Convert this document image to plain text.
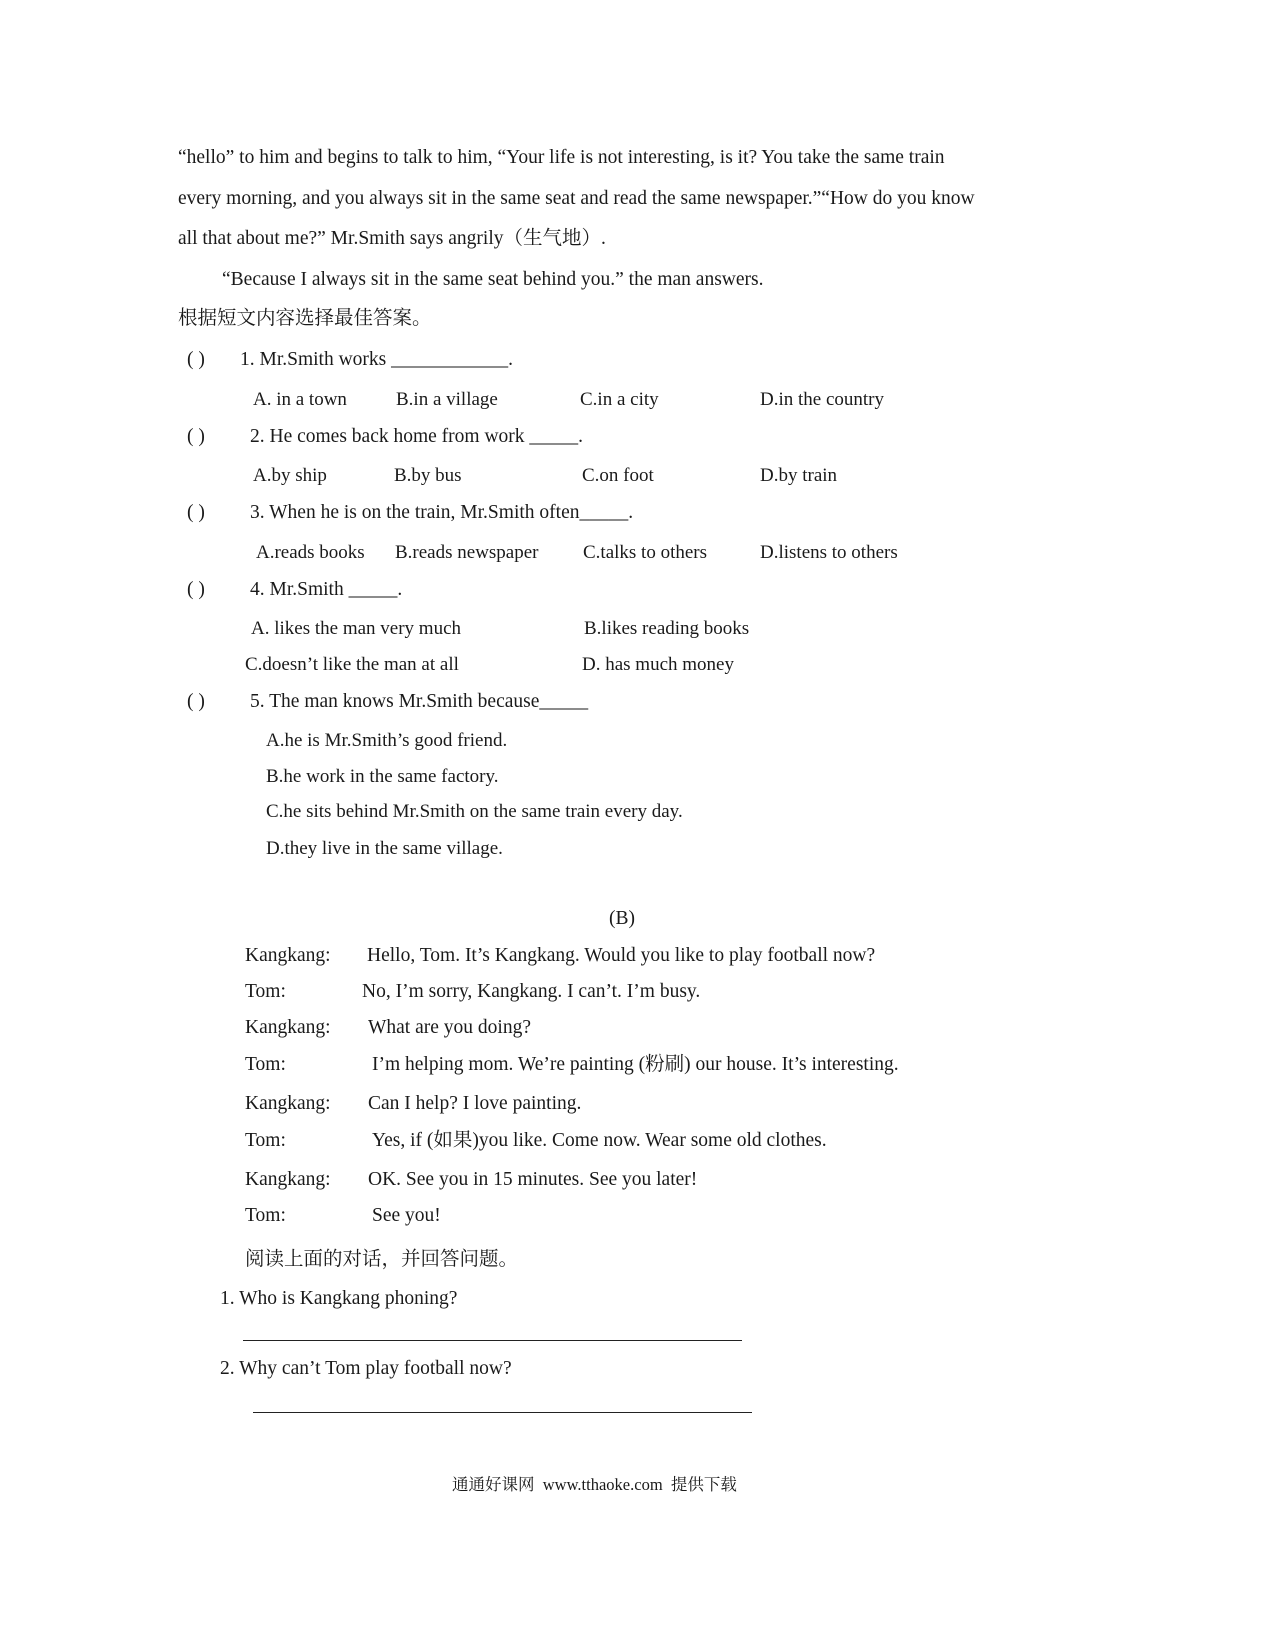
“hello” to him and begins to talk to him, “Your life is not interesting, is it? You take the same train
every morning, and you always sit in the same seat and read the same newspaper.”“How do you know
all that about me?” Mr.Smith says angrily（生气地）.
“Because I always sit in the same seat behind you.” the man answers.
根据短文内容选择最佳答案。
( ) 1. Mr.Smith works ____________.
A. in a town	B.in a village	C.in a city	D.in the country
( ) 2. He comes back home from work _____.
A.by ship	B.by bus	C.on foot	D.by train
( ) 3. When he is on the train, Mr.Smith often_____.
A.reads books B.reads newspaper C.talks to others	D.listens to others
( ) 4. Mr.Smith _____.
A. likes the man very much	B.likes reading books
C.doesn’t like the man at all	D. has much money
( ) 5. The man knows Mr.Smith because_____
A.he is Mr.Smith’s good friend.
B.he work in the same factory.
C.he sits behind Mr.Smith on the same train every day.
D.they live in the same village.
(B)
Kangkang: Hello, Tom. It’s Kangkang. Would you like to play football now?
Tom:	No, I’m sorry, Kangkang. I can’t. I’m busy.
Kangkang: What are you doing?
Tom:	I’m helping mom. We’re painting (粉刷) our house. It’s interesting.
Kangkang: Can I help? I love painting.
Tom:	Yes, if (如果)you like. Come now. Wear some old clothes.
Kangkang: OK. See you in 15 minutes. See you later!
Tom:	See you!
阅读上面的对话，并回答问题。
1. Who is Kangkang phoning?
2. Why can’t Tom play football now?
通通好课网  www.tthaoke.com  提供下载
